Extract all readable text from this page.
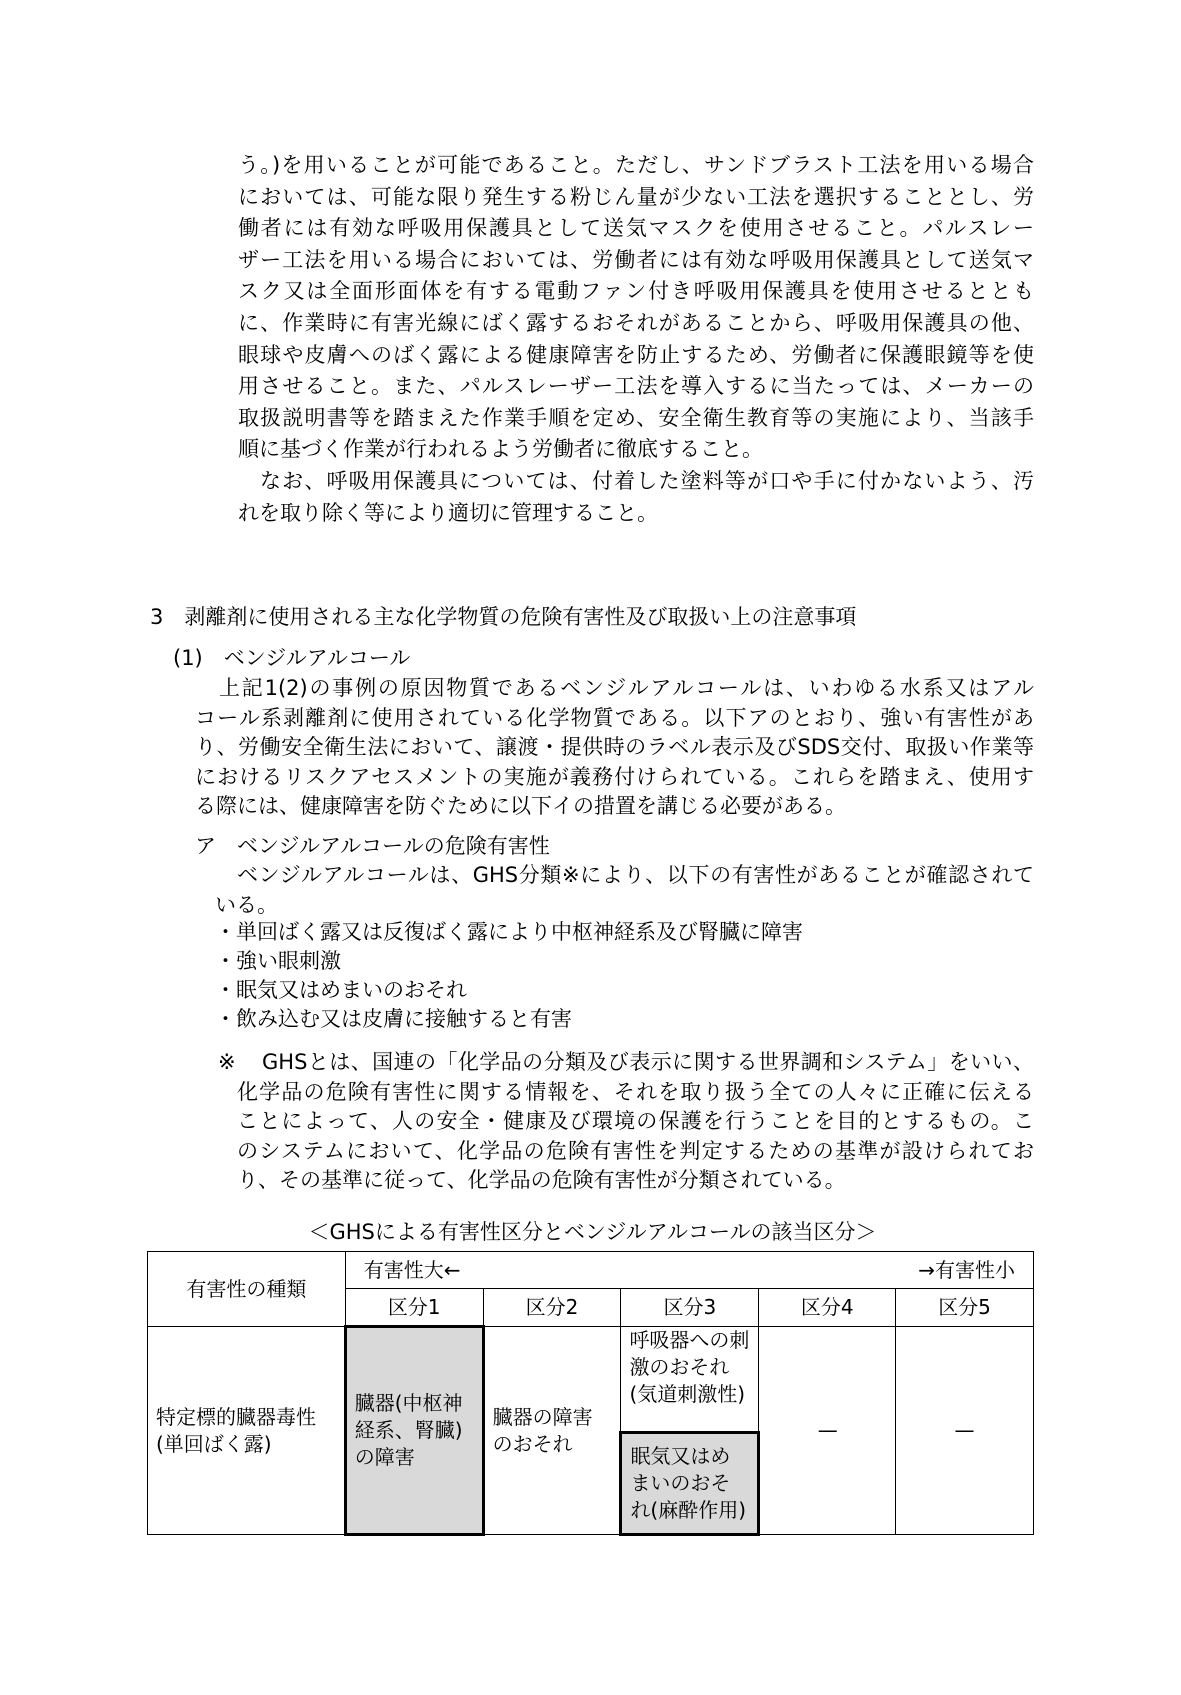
う。)を用いることが可能であること。ただし、サンドブラスト工法を用いる場合
においては、可能な限り発生する粉じん量が少ない工法を選択することとし、労
働者には有効な呼吸用保護具として送気マスクを使用させること。パルスレー
ザー工法を用いる場合においては、労働者には有効な呼吸用保護具として送気マ
スク又は全面形面体を有する電動ファン付き呼吸用保護具を使用させるととも
に、作業時に有害光線にばく露するおそれがあることから、呼吸用保護具の他、
眼球や皮膚へのばく露による健康障害を防止するため、労働者に保護眼鏡等を使
用させること。また、パルスレーザー工法を導入するに当たっては、メーカーの
取扱説明書等を踏まえた作業手順を定め、安全衛生教育等の実施により、当該手
順に基づく作業が行われるよう労働者に徹底すること。
なお、呼吸用保護具については、付着した塗料等が口や手に付かないよう、汚
れを取り除く等により適切に管理すること。
3　剥離剤に使用される主な化学物質の危険有害性及び取扱い上の注意事項
(1)　ベンジルアルコール
上記1(2)の事例の原因物質であるベンジルアルコールは、いわゆる水系又はアル
コール系剥離剤に使用されている化学物質である。以下アのとおり、強い有害性があ
り、労働安全衛生法において、譲渡・提供時のラベル表示及びSDS交付、取扱い作業等
におけるリスクアセスメントの実施が義務付けられている。これらを踏まえ、使用す
る際には、健康障害を防ぐために以下イの措置を講じる必要がある。
ア　ベンジルアルコールの危険有害性
ベンジルアルコールは、GHS分類※により、以下の有害性があることが確認されて
いる。
・単回ばく露又は反復ばく露により中枢神経系及び腎臓に障害
・強い眼刺激
・眠気又はめまいのおそれ
・飲み込む又は皮膚に接触すると有害
※ GHSとは、国連の「化学品の分類及び表示に関する世界調和システム」をいい、
化学品の危険有害性に関する情報を、それを取り扱う全ての人々に正確に伝える
ことによって、人の安全・健康及び環境の保護を行うことを目的とするもの。こ
のシステムにおいて、化学品の危険有害性を判定するための基準が設けられてお
り、その基準に従って、化学品の危険有害性が分類されている。
＜GHSによる有害性区分とベンジルアルコールの該当区分＞
有害性の種類	有害性大← →有害性小				

	区分1	区分2	区分3	区分4	区分5
特定標的臓器毒性(単回ばく露)	臓器(中枢神経系、腎臓)の障害	臓器の障害のおそれ	呼吸器への刺激のおそれ(気道刺激性)	—	—
			眠気又はめまいのおそれ(麻酔作用)		
